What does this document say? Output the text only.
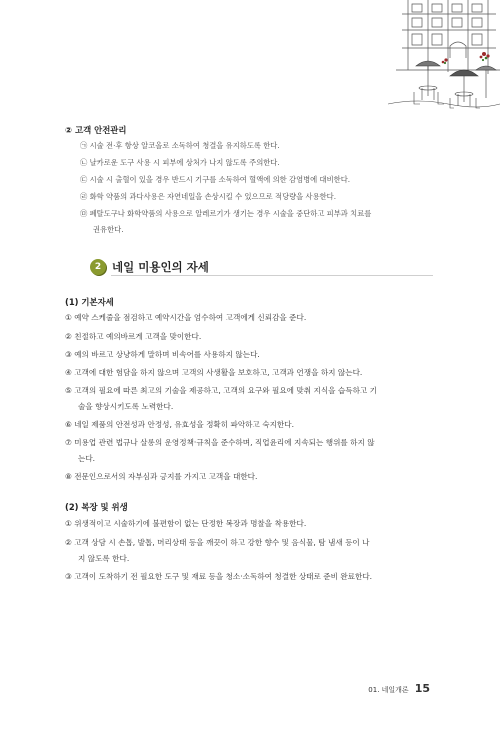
② 고객 안전관리
㉠ 시술 전·후 항상 알코올로 소독하여 청결을 유지하도록 한다.
㉡ 날카로운 도구 사용 시 피부에 상처가 나지 않도록 주의한다.
㉢ 시술 시 출혈이 있을 경우 반드시 기구를 소독하여 혈액에 의한 감염병에 대비한다.
㉣ 화학 약품의 과다사용은 자연네일을 손상시킬 수 있으므로 적당량을 사용한다.
㉤ 폐탈도구나 화학약품의 사용으로 알레르기가 생기는 경우 시술을 중단하고 피부과 치료를
권유한다.
2 네일 미용인의 자세
(1) 기본자세
① 예약 스케줄을 점검하고 예약시간을 엄수하여 고객에게 신뢰감을 준다.
② 친절하고 예의바르게 고객을 맞이한다.
③ 예의 바르고 상냥하게 말하며 비속어를 사용하지 않는다.
④ 고객에 대한 험담을 하지 않으며 고객의 사생활을 보호하고, 고객과 언쟁을 하지 않는다.
⑤ 고객의 필요에 따른 최고의 기술을 제공하고, 고객의 요구와 필요에 맞춰 지식을 습득하고 기
술을 향상시키도록 노력한다.
⑥ 네일 제품의 안전성과 안정성, 유효성을 정확히 파악하고 숙지한다.
⑦ 미용업 관련 법규나 살롱의 운영정책·규칙을 준수하며, 직업윤리에 지속되는 행위를 하지 않
는다.
⑧ 전문인으로서의 자부심과 긍지를 가지고 고객을 대한다.
(2) 복장 및 위생
① 위생적이고 시술하기에 불편함이 없는 단정한 복장과 명찰을 착용한다.
② 고객 상담 시 손톱, 발톱, 머리상태 등을 깨끗이 하고 강한 향수 및 음식물, 탐 냄새 등이 나
지 않도록 한다.
③ 고객이 도착하기 전 필요한 도구 및 재료 등을 청소·소독하여 청결한 상태로 준비 완료한다.
01. 네일개론 15
